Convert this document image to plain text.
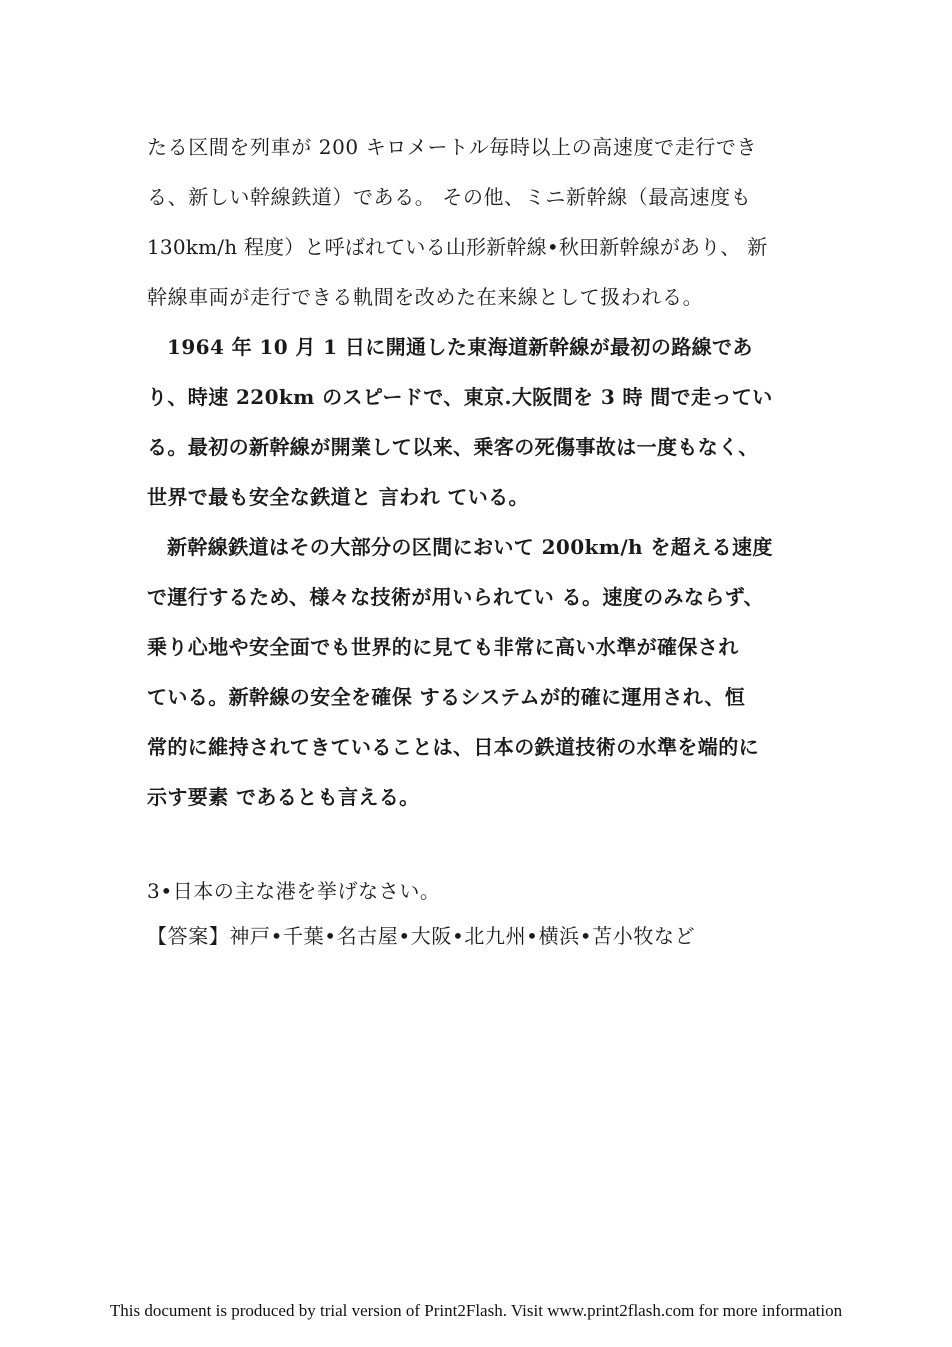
たる区間を列車が 200 キロメートル毎時以上の高速度で走行でき
る、新しい幹線鉄道）である。 その他、ミニ新幹線（最高速度も
130km/h 程度）と呼ばれている山形新幹線•秋田新幹線があり、 新
幹線車両が走行できる軌間を改めた在来線として扱われる。
1964 年 10 月 1 日に開通した東海道新幹線が最初の路線であ
り、時速 220km のスピードで、東京.大阪間を 3 時 間で走ってい
る。最初の新幹線が開業して以来、乗客の死傷事故は一度もなく、
世界で最も安全な鉄道と 言われ ている。
新幹線鉄道はその大部分の区間において 200km/h を超える速度
で運行するため、様々な技術が用いられてい る。速度のみならず、
乗り心地や安全面でも世界的に見ても非常に高い水準が確保され
ている。新幹線の安全を確保 するシステムが的確に運用され、恒
常的に維持されてきていることは、日本の鉄道技術の水準を端的に
示す要素 であるとも言える。
3•日本の主な港を挙げなさい。
【答案】神戸•千葉•名古屋•大阪•北九州•横浜•苫小牧など
This document is produced by trial version of Print2Flash. Visit www.print2flash.com for more information
